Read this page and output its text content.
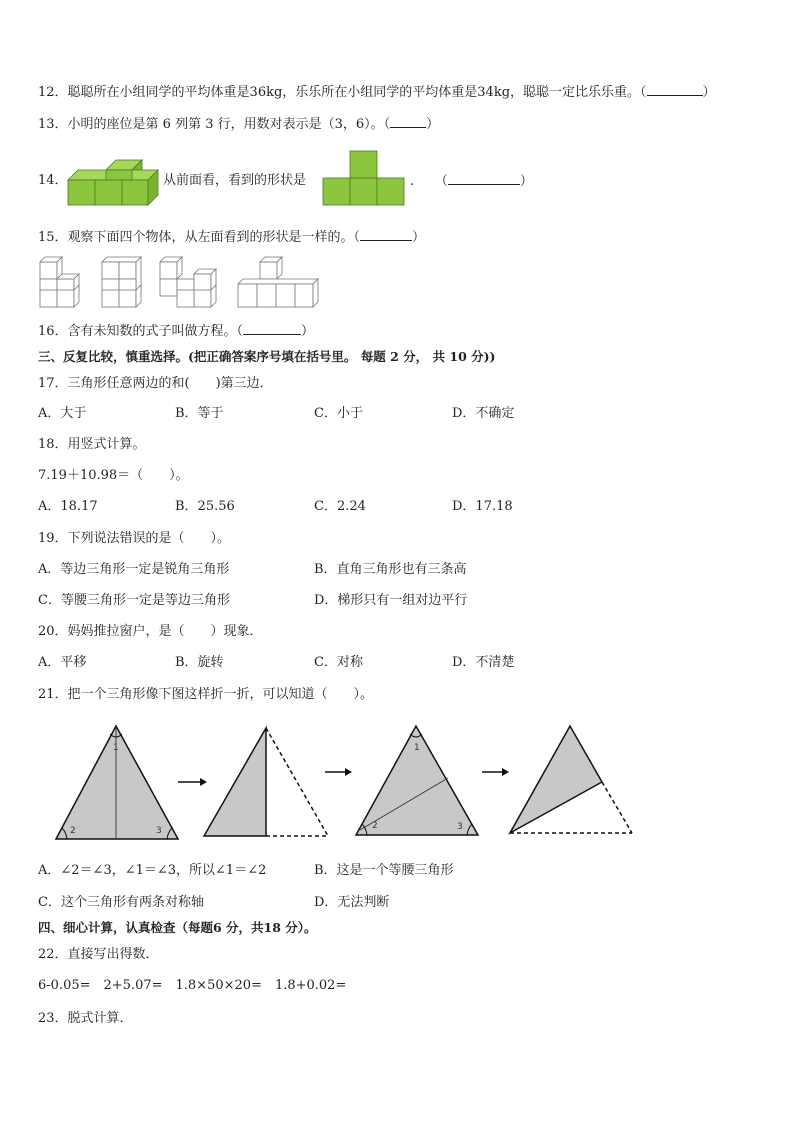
12．聪聪所在小组同学的平均体重是36kg，乐乐所在小组同学的平均体重是34kg，聪聪一定比乐乐重。（	）
13．小明的座位是第 6 列第 3 行，用数对表示是（3，6）。（	）
14．	从前面看，看到的形状是	. （	）
15．观察下面四个物体，从左面看到的形状是一样的。（	）
16．含有未知数的式子叫做方程。（	）
三、反复比较，慎重选择。(把正确答案序号填在括号里。 每题 2 分， 共 10 分))
17．三角形任意两边的和(　　)第三边．
A．大于	B．等于	C．小于	D．不确定
18．用竖式计算。
7.19＋10.98＝（　　）。
A．18.17	B．25.56	C．2.24	D．17.18
19．下列说法错误的是（　　）。
A．等边三角形一定是锐角三角形	B．直角三角形也有三条高
C．等腰三角形一定是等边三角形	D．梯形只有一组对边平行
20．妈妈推拉窗户，是（　　）现象．
A．平移	B．旋转	C．对称	D．不清楚
21．把一个三角形像下图这样折一折，可以知道（　　）。
1
2	3
1
2	3
A．∠2＝∠3，∠1＝∠3，所以∠1＝∠2	B．这是一个等腰三角形
C．这个三角形有两条对称轴	D．无法判断
四、细心计算，认真检查（每题6 分，共18 分）。
22．直接写出得数．
6-0.05=　2+5.07=　1.8×50×20=　1.8+0.02=
23．脱式计算．
